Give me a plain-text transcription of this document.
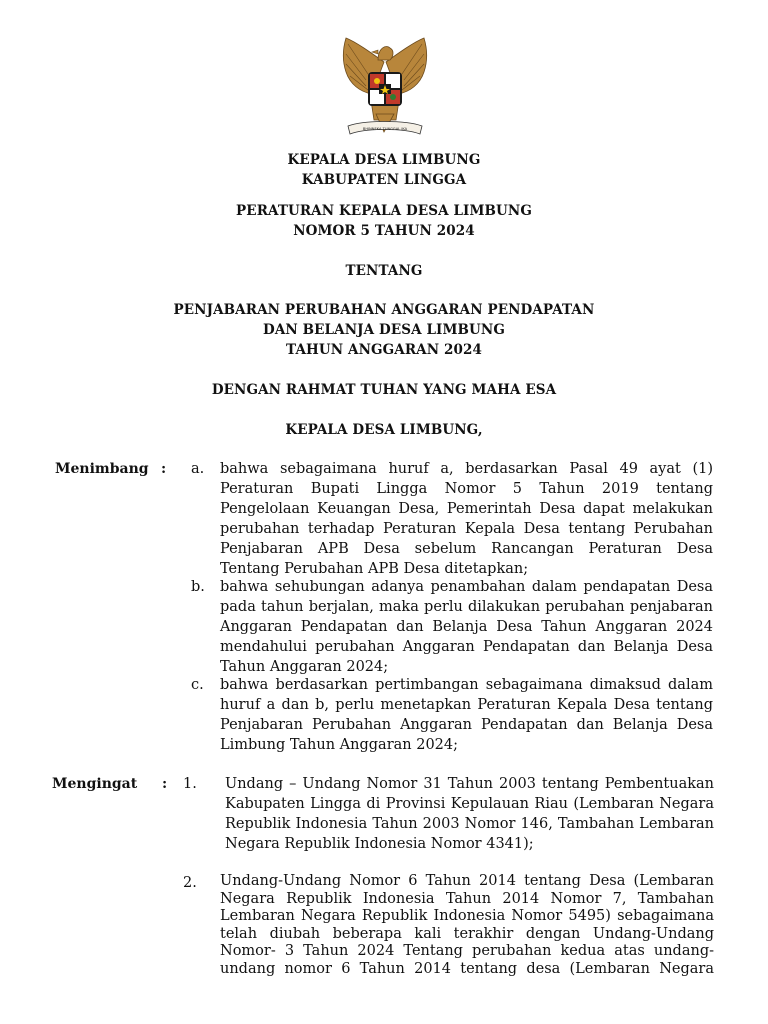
BHINNEKA TUNGGAL IKA
KEPALA DESA LIMBUNG
KABUPATEN LINGGA
PERATURAN KEPALA DESA LIMBUNG
NOMOR 5 TAHUN 2024
TENTANG
PENJABARAN PERUBAHAN ANGGARAN PENDAPATAN
DAN BELANJA DESA LIMBUNG
TAHUN ANGGARAN 2024
DENGAN RAHMAT TUHAN YANG MAHA ESA
KEPALA DESA LIMBUNG,
Menimbang : a. bahwa sebagaimana huruf a, berdasarkan Pasal 49 ayat (1) Peraturan Bupati Lingga Nomor 5 Tahun 2019 tentang Pengelolaan Keuangan Desa, Pemerintah Desa dapat melakukan perubahan terhadap Peraturan Kepala Desa tentang Perubahan Penjabaran APB Desa sebelum Rancangan Peraturan Desa Tentang Perubahan APB Desa ditetapkan;
b. bahwa sehubungan adanya penambahan dalam pendapatan Desa pada tahun berjalan, maka perlu dilakukan perubahan penjabaran Anggaran Pendapatan dan Belanja Desa Tahun Anggaran 2024 mendahului perubahan Anggaran Pendapatan dan Belanja Desa Tahun Anggaran 2024;
c. bahwa berdasarkan pertimbangan sebagaimana dimaksud dalam huruf a dan b, perlu menetapkan Peraturan Kepala Desa tentang Penjabaran Perubahan Anggaran Pendapatan dan Belanja Desa Limbung Tahun Anggaran 2024;
Mengingat : 1. Undang – Undang Nomor 31 Tahun 2003 tentang Pembentuakan Kabupaten Lingga di Provinsi Kepulauan Riau (Lembaran Negara Republik Indonesia Tahun 2003 Nomor 146, Tambahan Lembaran Negara Republik Indonesia Nomor 4341);
2. Undang-Undang Nomor 6 Tahun 2014 tentang Desa (Lembaran Negara Republik Indonesia Tahun 2014 Nomor 7, Tambahan Lembaran Negara Republik Indonesia Nomor 5495) sebagaimana telah diubah beberapa kali terakhir dengan Undang-Undang Nomor- 3 Tahun 2024 Tentang perubahan kedua atas undang-undang nomor 6 Tahun 2014 tentang desa (Lembaran Negara
